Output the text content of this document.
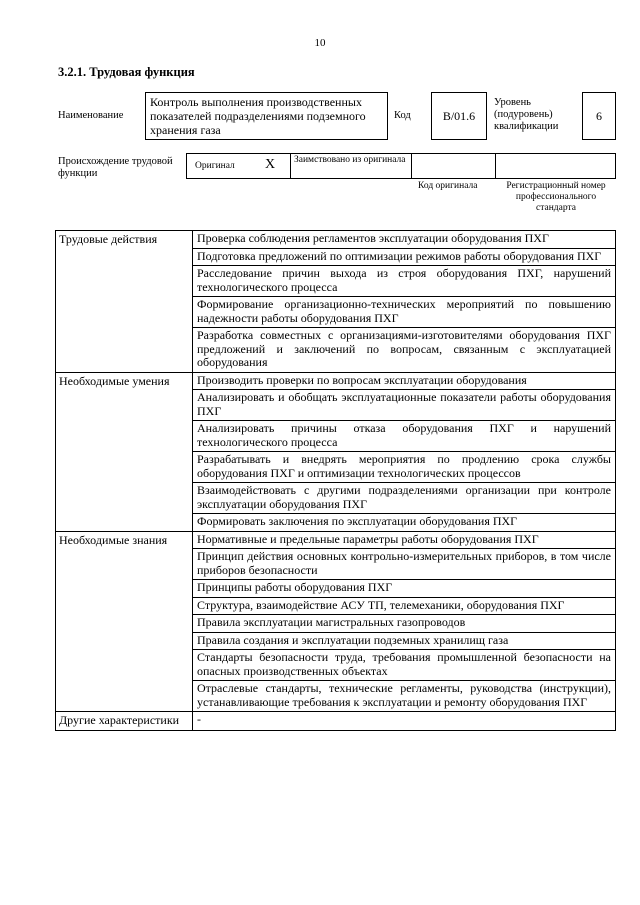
10
3.2.1. Трудовая функция
Наименование
Контроль выполнения производственных показателей подразделениями подземного хранения газа
Код	B/01.6
Уровень (подуровень) квалификации
6
Происхождение трудовой функции
Оригинал X Заимствовано из оригинала
Код оригинала	Регистрационный номер профессионального стандарта
Трудовые действия	Проверка соблюдения регламентов эксплуатации оборудования ПХГ
	Подготовка предложений по оптимизации режимов работы оборудования ПХГ
	Расследование причин выхода из строя оборудования ПХГ, нарушений технологического процесса
	Формирование организационно-технических мероприятий по повышению надежности работы оборудования ПХГ
	Разработка совместных с организациями-изготовителями оборудования ПХГ предложений и заключений по вопросам, связанным с эксплуатацией оборудования
Необходимые умения	Производить проверки по вопросам эксплуатации оборудования
	Анализировать и обобщать эксплуатационные показатели работы оборудования ПХГ
	Анализировать причины отказа оборудования ПХГ и нарушений технологического процесса
	Разрабатывать и внедрять мероприятия по продлению срока службы оборудования ПХГ и оптимизации технологических процессов
	Взаимодействовать с другими подразделениями организации при контроле эксплуатации оборудования ПХГ
	Формировать заключения по эксплуатации оборудования ПХГ
Необходимые знания	Нормативные и предельные параметры работы оборудования ПХГ
	Принцип действия основных контрольно-измерительных приборов, в том числе приборов безопасности
	Принципы работы оборудования ПХГ
	Структура, взаимодействие АСУ ТП, телемеханики, оборудования ПХГ
	Правила эксплуатации магистральных газопроводов
	Правила создания и эксплуатации подземных хранилищ газа
	Стандарты безопасности труда, требования промышленной безопасности на опасных производственных объектах
	Отраслевые стандарты, технические регламенты, руководства (инструкции), устанавливающие требования к эксплуатации и ремонту оборудования ПХГ
Другие характеристики	-
